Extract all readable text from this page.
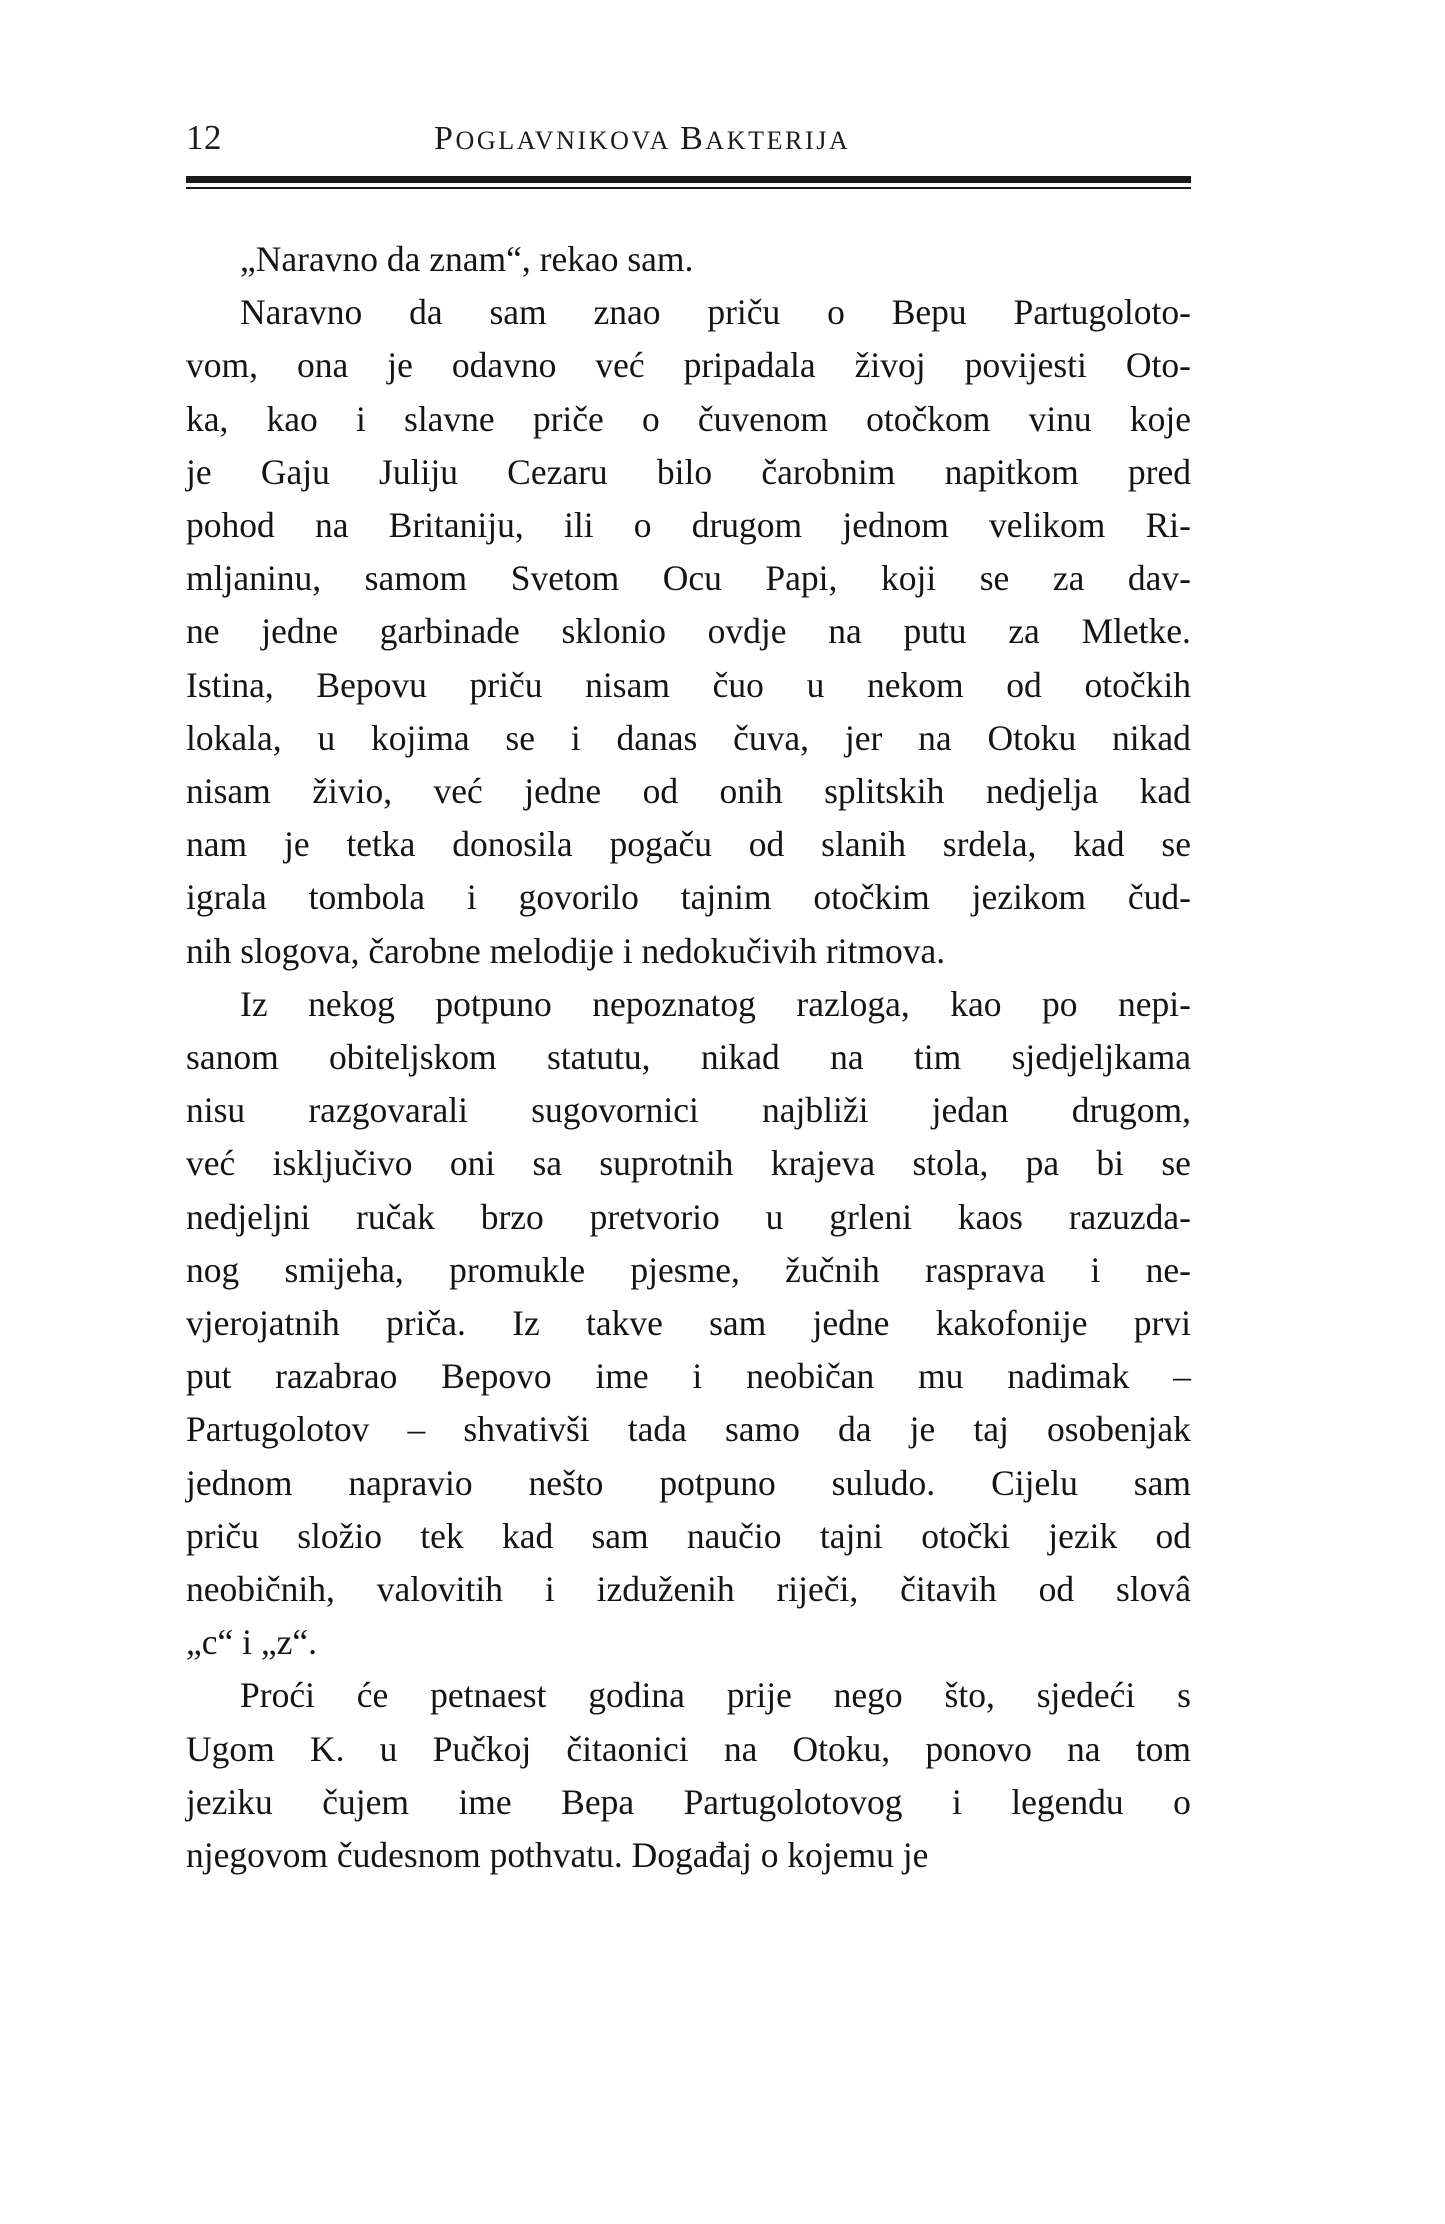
12	POGLAVNIKOVA BAKTERIJA

„Naravno da znam“, rekao sam.

Naravno da sam znao priču o Bepu Partugoloto-
vom, ona je odavno već pripadala živoj povijesti Oto-
ka, kao i slavne priče o čuvenom otočkom vinu koje
je Gaju Juliju Cezaru bilo čarobnim napitkom pred
pohod na Britaniju, ili o drugom jednom velikom Ri-
mljaninu, samom Svetom Ocu Papi, koji se za dav-
ne jedne garbinade sklonio ovdje na putu za Mletke.
Istina, Bepovu priču nisam čuo u nekom od otočkih
lokala, u kojima se i danas čuva, jer na Otoku nikad
nisam živio, već jedne od onih splitskih nedjelja kad
nam je tetka donosila pogaču od slanih srdela, kad se
igrala tombola i govorilo tajnim otočkim jezikom čud-
nih slogova, čarobne melodije i nedokučivih ritmova.

Iz nekog potpuno nepoznatog razloga, kao po nepi-
sanom obiteljskom statutu, nikad na tim sjedjeljkama
nisu razgovarali sugovornici najbliži jedan drugom,
već isključivo oni sa suprotnih krajeva stola, pa bi se
nedjeljni ručak brzo pretvorio u grleni kaos razuzda-
nog smijeha, promukle pjesme, žučnih rasprava i ne-
vjerojatnih priča. Iz takve sam jedne kakofonije prvi
put razabrao Bepovo ime i neobičan mu nadimak –
Partugolotov – shvativši tada samo da je taj osobenjak
jednom napravio nešto potpuno suludo. Cijelu sam
priču složio tek kad sam naučio tajni otočki jezik od
neobičnih, valovitih i izduženih riječi, čitavih od slovâ
„c“ i „z“.

Proći će petnaest godina prije nego što, sjedeći s
Ugom K. u Pučkoj čitaonici na Otoku, ponovo na tom
jeziku čujem ime Bepa Partugolotovog i legendu o
njegovom čudesnom pothvatu. Događaj o kojemu je
